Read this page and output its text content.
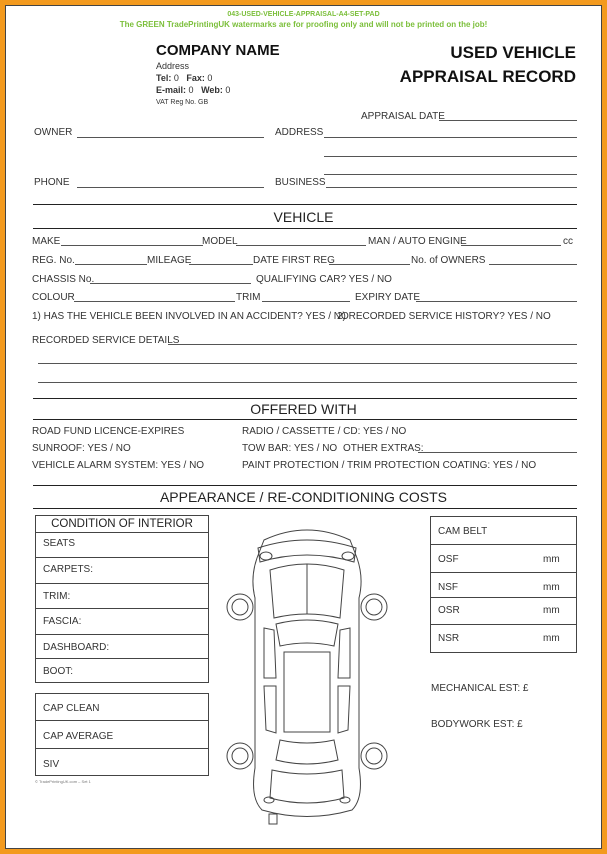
043-USED-VEHICLE-APPRAISAL-A4-SET-PAD
The GREEN TradePrintingUK watermarks are for proofing only and will not be printed on the job!
COMPANY NAME
Address
Tel: 0 Fax: 0
E-mail: 0 Web: 0
VAT Reg No. GB
USED VEHICLE
APPRAISAL RECORD
APPRAISAL DATE
OWNER	ADDRESS
PHONE	BUSINESS
VEHICLE
MAKE	MODEL	MAN / AUTO ENGINE	cc
REG. No.	MILEAGE	DATE FIRST REG	No. of OWNERS
CHASSIS No.	QUALIFYING CAR? YES / NO
COLOUR	TRIM	EXPIRY DATE
1) HAS THE VEHICLE BEEN INVOLVED IN AN ACCIDENT? YES / NO
2) RECORDED SERVICE HISTORY? YES / NO
RECORDED SERVICE DETAILS
OFFERED WITH
ROAD FUND LICENCE-EXPIRES	RADIO / CASSETTE / CD: YES / NO
SUNROOF: YES / NO	TOW BAR: YES / NO OTHER EXTRAS:
VEHICLE ALARM SYSTEM: YES / NO	PAINT PROTECTION / TRIM PROTECTION COATING: YES / NO
APPEARANCE / RE-CONDITIONING COSTS
CONDITION OF INTERIOR
SEATS
CARPETS:
TRIM:
FASCIA:
DASHBOARD:
BOOT:
CAP CLEAN
CAP AVERAGE
SIV
© TradePrintingUK.com – Set 1
CAM BELT
OSF	mm
NSF	mm
OSR	mm
NSR	mm
MECHANICAL EST: £
BODYWORK EST: £
